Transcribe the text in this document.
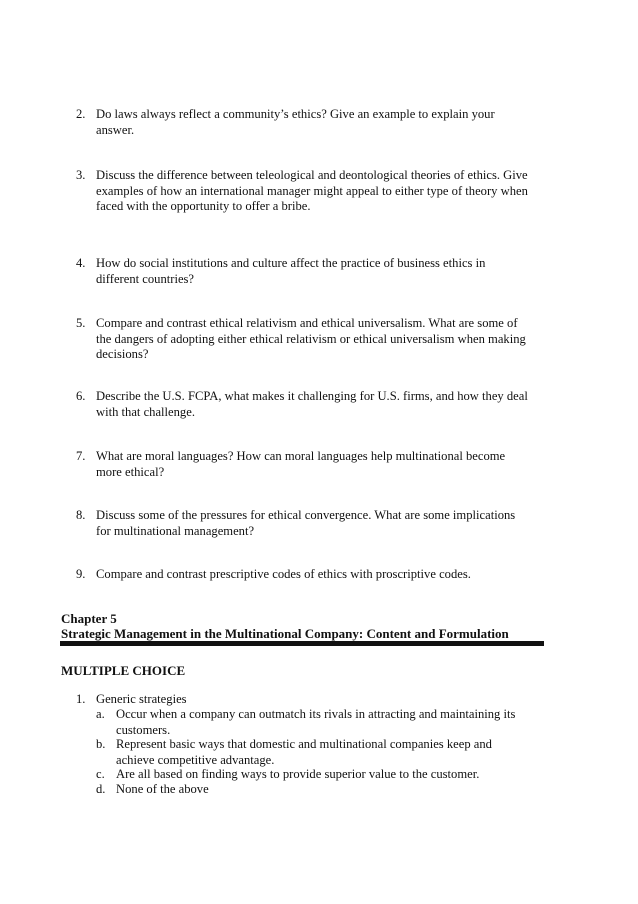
2. Do laws always reflect a community’s ethics? Give an example to explain your
answer.
3. Discuss the difference between teleological and deontological theories of ethics. Give
examples of how an international manager might appeal to either type of theory when
faced with the opportunity to offer a bribe.
4. How do social institutions and culture affect the practice of business ethics in
different countries?
5. Compare and contrast ethical relativism and ethical universalism. What are some of
the dangers of adopting either ethical relativism or ethical universalism when making
decisions?
6. Describe the U.S. FCPA, what makes it challenging for U.S. firms, and how they deal
with that challenge.
7. What are moral languages? How can moral languages help multinational become
more ethical?
8. Discuss some of the pressures for ethical convergence. What are some implications
for multinational management?
9. Compare and contrast prescriptive codes of ethics with proscriptive codes.
Chapter 5
Strategic Management in the Multinational Company: Content and Formulation
MULTIPLE CHOICE
1. Generic strategies
a. Occur when a company can outmatch its rivals in attracting and maintaining its
customers.
b. Represent basic ways that domestic and multinational companies keep and
achieve competitive advantage.
c. Are all based on finding ways to provide superior value to the customer.
d. None of the above
